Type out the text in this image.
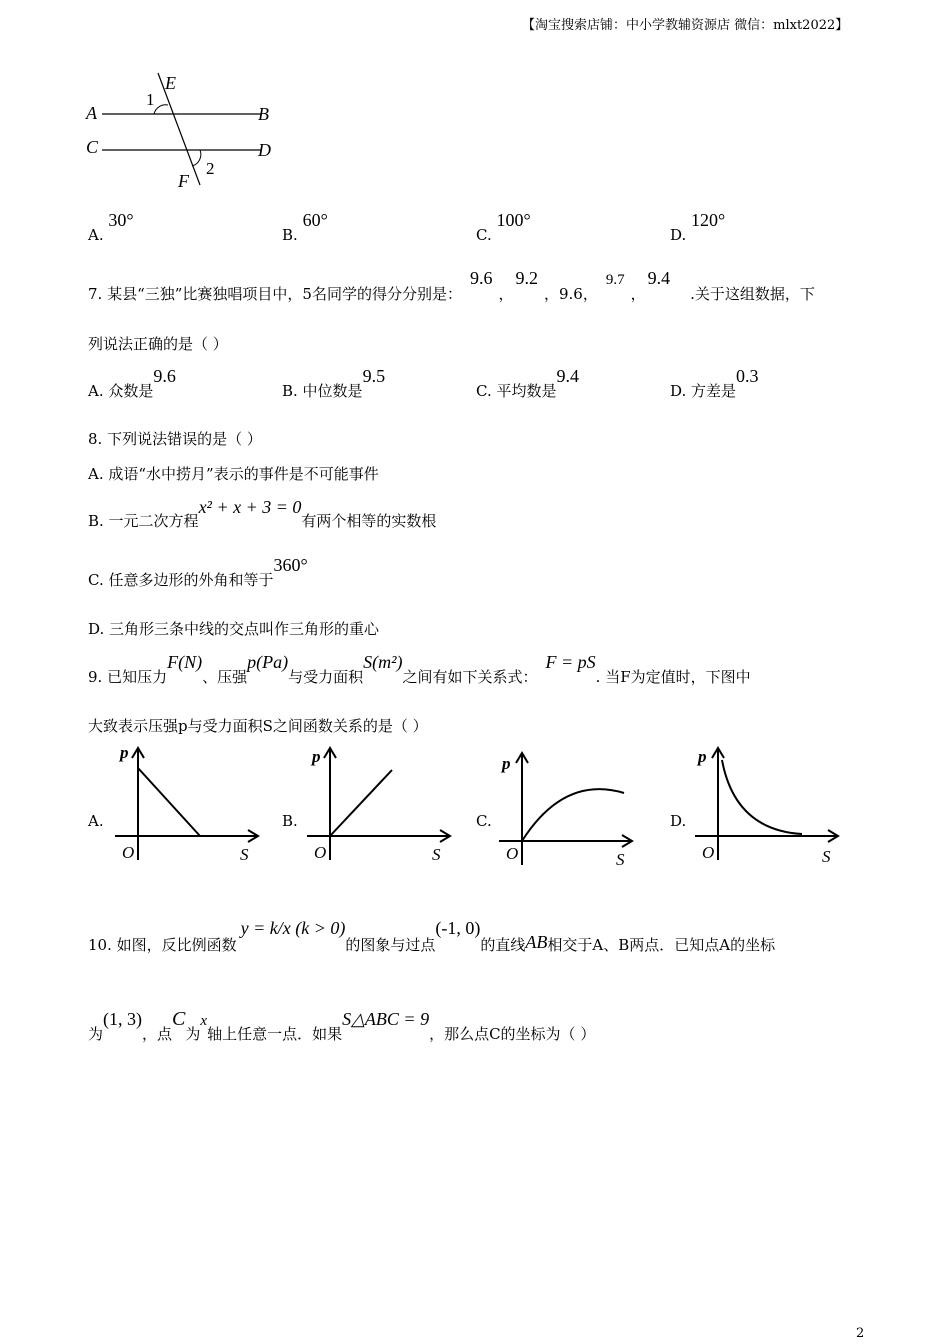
【淘宝搜索店铺：中小学教辅资源店 微信：mlxt2022】
E
A	B
C	D
F
1
2
A. 30°
B. 60°
C. 100°
D. 120°
7. 某县“三独”比赛独唱项目中，5名同学的得分分别是：9.6，9.2，9.6，9.7，9.4.关于这组数据，下
列说法正确的是（ ）
A. 众数是9.6
B. 中位数是9.5
C. 平均数是9.4
D. 方差是0.3
8. 下列说法错误的是（ ）
A. 成语“水中捞月”表示的事件是不可能事件
B. 一元二次方程x² + x + 3 = 0有两个相等的实数根
C. 任意多边形的外角和等于360°
D. 三角形三条中线的交点叫作三角形的重心
9. 已知压力F(N)、压强p(Pa)与受力面积S(m²)之间有如下关系式：F = pS. 当F为定值时，下图中
大致表示压强p与受力面积S之间函数关系的是（ ）
A.
p
S
O
B.
p
S
O
C.
p
S
O
D.
p
S
O
10. 如图，反比例函数y = k/x (k > 0)的图象与过点(-1, 0)的直线AB相交于A、B两点．已知点A的坐标
为(1, 3)，点C为x轴上任意一点．如果S△ABC = 9，那么点C的坐标为（ ）
2
